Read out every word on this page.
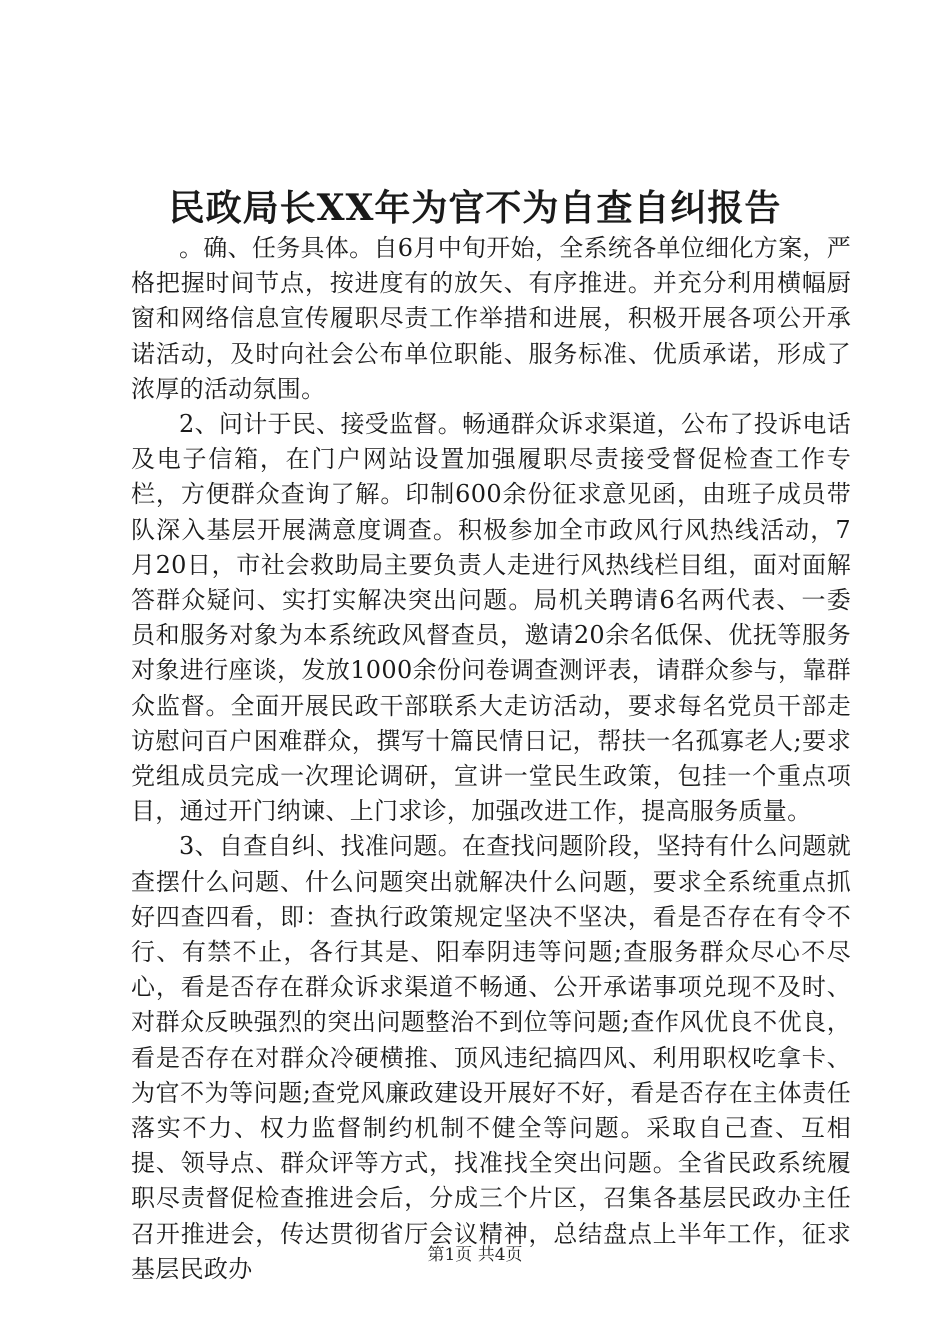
民政局长XX年为官不为自查自纠报告

。确、任务具体。自6月中旬开始，全系统各单位细化方案，严格把握时间节点，按进度有的放矢、有序推进。并充分利用横幅厨窗和网络信息宣传履职尽责工作举措和进展，积极开展各项公开承诺活动，及时向社会公布单位职能、服务标准、优质承诺，形成了浓厚的活动氛围。

2、问计于民、接受监督。畅通群众诉求渠道，公布了投诉电话及电子信箱，在门户网站设置加强履职尽责接受督促检查工作专栏，方便群众查询了解。印制600余份征求意见函，由班子成员带队深入基层开展满意度调查。积极参加全市政风行风热线活动，7月20日，市社会救助局主要负责人走进行风热线栏目组，面对面解答群众疑问、实打实解决突出问题。局机关聘请6名两代表、一委员和服务对象为本系统政风督查员，邀请20余名低保、优抚等服务对象进行座谈，发放1000余份问卷调查测评表，请群众参与，靠群众监督。全面开展民政干部联系大走访活动，要求每名党员干部走访慰问百户困难群众，撰写十篇民情日记，帮扶一名孤寡老人;要求党组成员完成一次理论调研，宣讲一堂民生政策，包挂一个重点项目，通过开门纳谏、上门求诊，加强改进工作，提高服务质量。

3、自查自纠、找准问题。在查找问题阶段，坚持有什么问题就查摆什么问题、什么问题突出就解决什么问题，要求全系统重点抓好四查四看，即：查执行政策规定坚决不坚决，看是否存在有令不行、有禁不止，各行其是、阳奉阴违等问题;查服务群众尽心不尽心，看是否存在群众诉求渠道不畅通、公开承诺事项兑现不及时、对群众反映强烈的突出问题整治不到位等问题;查作风优良不优良，看是否存在对群众冷硬横推、顶风违纪搞四风、利用职权吃拿卡、为官不为等问题;查党风廉政建设开展好不好，看是否存在主体责任落实不力、权力监督制约机制不健全等问题。采取自己查、互相提、领导点、群众评等方式，找准找全突出问题。全省民政系统履职尽责督促检查推进会后，分成三个片区，召集各基层民政办主任召开推进会，传达贯彻省厅会议精神，总结盘点上半年工作，征求基层民政办	第1页 共4页
